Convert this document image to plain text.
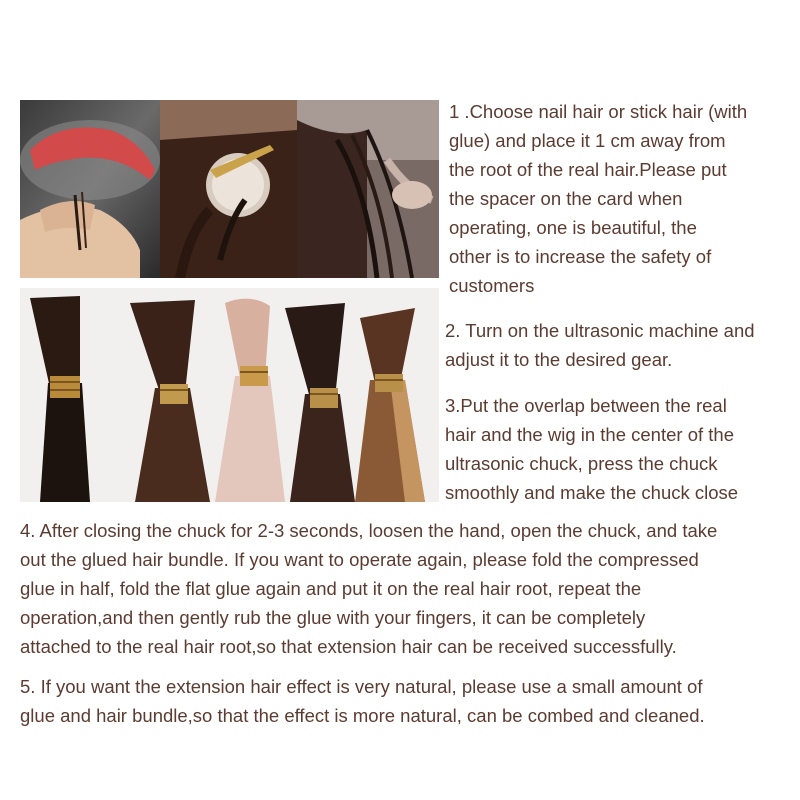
1 .Choose nail hair or stick hair (with
glue) and place it 1 cm away from
the root of the real hair.Please put
the spacer on the card when
operating, one is beautiful, the
other is to increase the safety of
customers
2. Turn on the ultrasonic machine and
adjust it to the desired gear.
3.Put the overlap between the real
hair and the wig in the center of the
ultrasonic chuck, press the chuck
smoothly and make the chuck close
4. After closing the chuck for 2-3 seconds, loosen the hand, open the chuck, and take
out the glued hair bundle. If you want to operate again, please fold the compressed
glue in half, fold the flat glue again and put it on the real hair root, repeat the
operation,and then gently rub the glue with your fingers, it can be completely
attached to the real hair root,so that extension hair can be received successfully.
5. If you want the extension hair effect is very natural, please use a small amount of
glue and hair bundle,so that the effect is more natural, can be combed and cleaned.
